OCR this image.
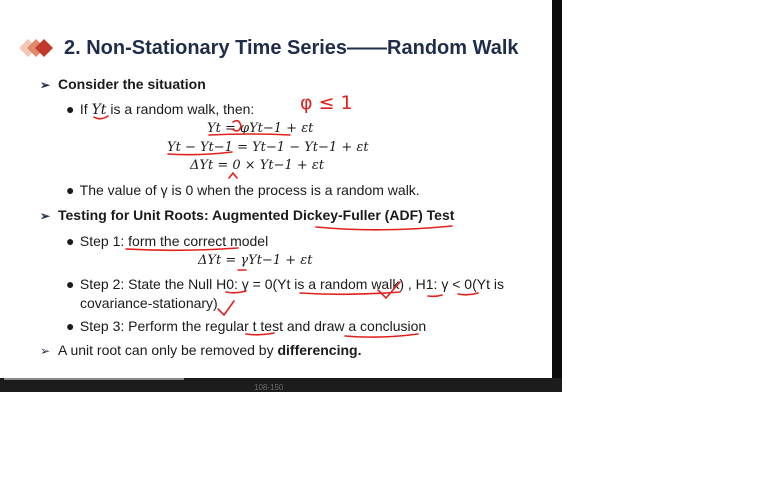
2. Non-Stationary Time Series——Random Walk
➢ Consider the situation
● If Yt is a random walk, then:
Yt = φYt−1 + εt
Yt − Yt−1 = Yt−1 − Yt−1 + εt
ΔYt = 0 × Yt−1 + εt
● The value of γ is 0 when the process is a random walk.
➢ Testing for Unit Roots: Augmented Dickey-Fuller (ADF) Test
● Step 1: form the correct model
ΔYt = γYt−1 + εt
● Step 2: State the Null H0: γ = 0(Yt is a random walk) , H1: γ < 0(Yt is
covariance-stationary)
● Step 3: Perform the regular t test and draw a conclusion
➢ A unit root can only be removed by differencing.
φ ≤ 1
108-150
